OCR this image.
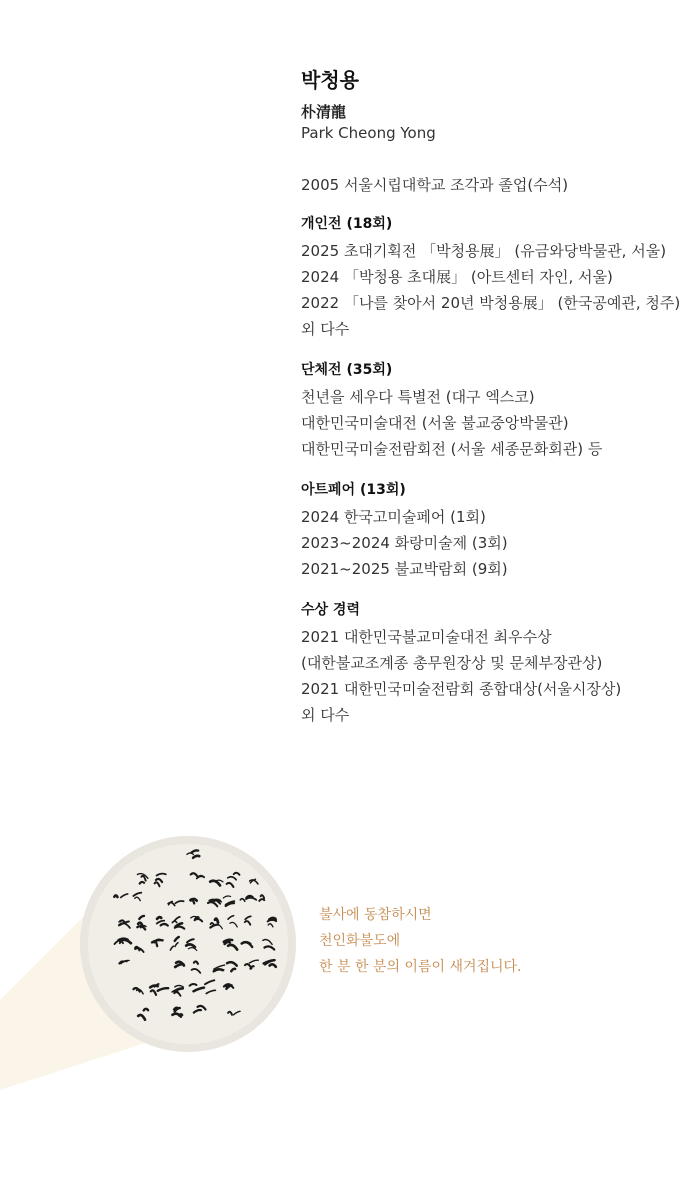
박청용
朴清龍
Park Cheong Yong
2005 서울시립대학교 조각과 졸업(수석)
개인전 (18회)
2025 초대기획전 「박청용展」 (유금와당박물관, 서울)
2024 「박청용 초대展」 (아트센터 자인, 서울)
2022 「나를 찾아서 20년 박청용展」 (한국공예관, 청주)
외 다수
단체전 (35회)
천년을 세우다 특별전 (대구 엑스코)
대한민국미술대전 (서울 불교중앙박물관)
대한민국미술전람회전 (서울 세종문화회관) 등
아트페어 (13회)
2024 한국고미술페어 (1회)
2023~2024 화랑미술제 (3회)
2021~2025 불교박람회 (9회)
수상 경력
2021 대한민국불교미술대전 최우수상
(대한불교조계종 총무원장상 및 문체부장관상)
2021 대한민국미술전람회 종합대상(서울시장상)
외 다수
불사에 동참하시면
천인화불도에
한 분 한 분의 이름이 새겨집니다.
